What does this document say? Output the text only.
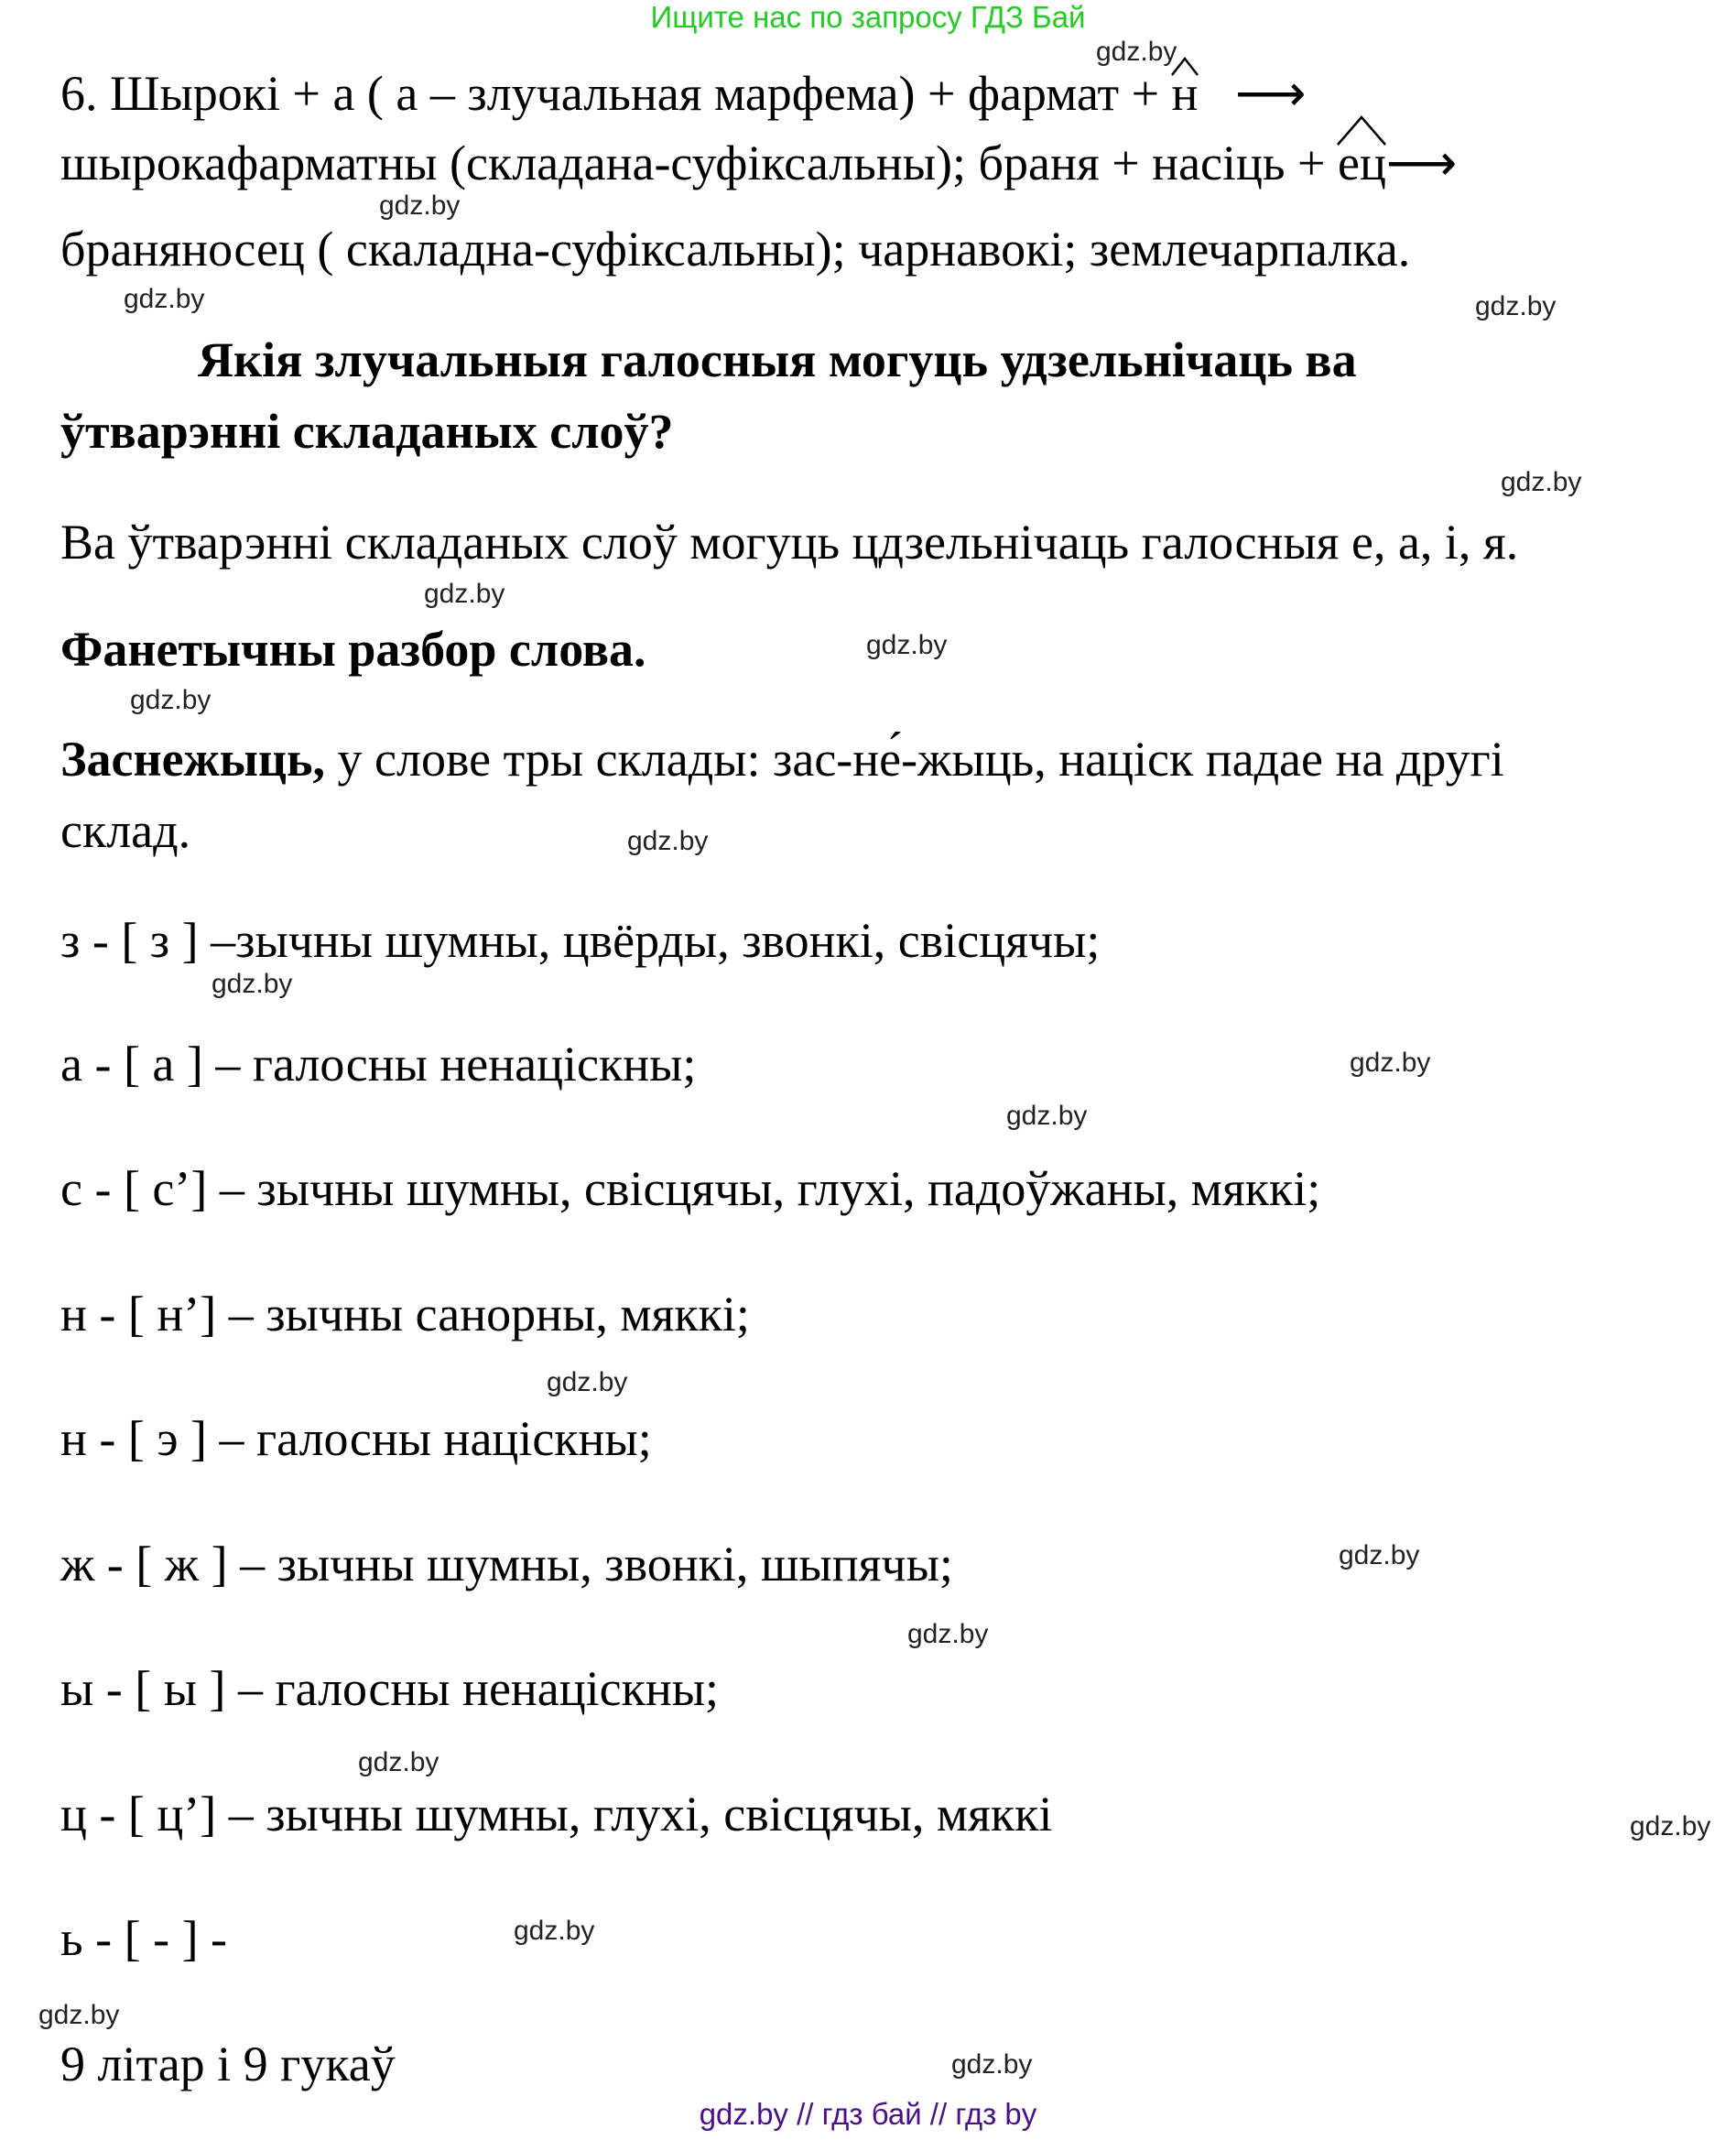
Ищите нас по запросу ГДЗ Бай
6. Шырокі + а ( а – злучальная марфема) + фармат + н ⟶
шырокафарматны (складана-суфіксальны); браня + насіць + ец⟶
браняносец ( скаладна-суфіксальны); чарнавокі; землечарпалка.
Якія злучальныя галосныя могуць удзельнічаць ва
ўтварэнні складаных слоў?
Ва ўтварэнні складаных слоў могуць цдзельнічаць галосныя е, а, і, я.
Фанетычны разбор слова.
Заснежыць, у слове тры склады: зас-не́-жыць, націск падае на другі
склад.
з - [ з ] –зычны шумны, цвёрды, звонкі, свісцячы;
а - [ а ] – галосны ненацiскны;
с - [ с’] – зычны шумны, свісцячы, глухі, падоўжаны, мяккі;
н - [ н’] – зычны санорны, мяккі;
н - [ э ] – галосны націскны;
ж - [ ж ] – зычны шумны, звонкі, шыпячы;
ы - [ ы ] – галосны ненацiскны;
ц - [ ц’] – зычны шумны, глухі, свісцячы, мяккі
ь - [ - ] -
9 літар і 9 гукаў
gdz.by
gdz.by
gdz.by	gdz.by
gdz.by
gdz.by
gdz.by
gdz.by
gdz.by
gdz.by
gdz.by
gdz.by
gdz.by
gdz.by
gdz.by
gdz.by
gdz.by
gdz.by
gdz.by
gdz.by
gdz.by // гдз бай // гдз by
